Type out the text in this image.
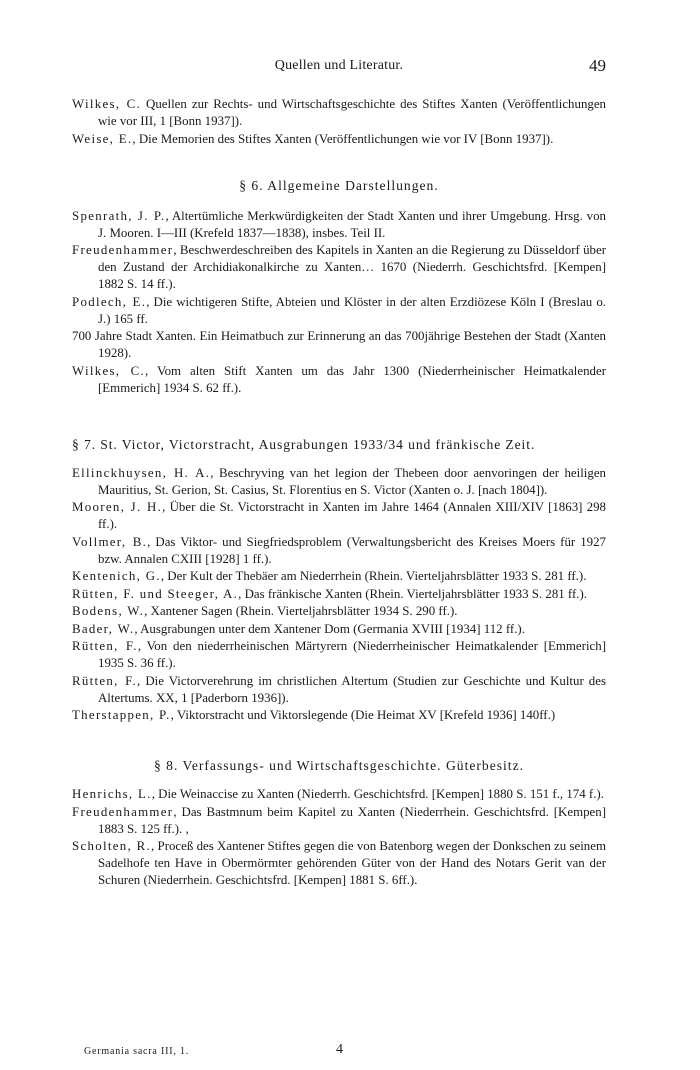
Quellen und Literatur.	49

Wilkes, C. Quellen zur Rechts- und Wirtschaftsgeschichte des Stiftes Xanten (Veröffentlichungen wie vor III, 1 [Bonn 1937]).

Weise, E., Die Memorien des Stiftes Xanten (Veröffentlichungen wie vor IV [Bonn 1937]).

§ 6. Allgemeine Darstellungen.

Spenrath, J. P., Altertümliche Merkwürdigkeiten der Stadt Xanten und ihrer Umgebung. Hrsg. von J. Mooren. I—III (Krefeld 1837—1838), insbes. Teil II.

Freudenhammer, Beschwerdeschreiben des Kapitels in Xanten an die Regierung zu Düsseldorf über den Zustand der Archidiakonalkirche zu Xanten… 1670 (Niederrh. Geschichtsfrd. [Kempen] 1882 S. 14 ff.).

Podlech, E., Die wichtigeren Stifte, Abteien und Klöster in der alten Erzdiözese Köln I (Breslau o. J.) 165 ff.

700 Jahre Stadt Xanten. Ein Heimatbuch zur Erinnerung an das 700jährige Bestehen der Stadt (Xanten 1928).

Wilkes, C., Vom alten Stift Xanten um das Jahr 1300 (Niederrheinischer Heimatkalender [Emmerich] 1934 S. 62 ff.).

§ 7. St. Victor, Victorstracht, Ausgrabungen 1933/34 und fränkische Zeit.

Ellinckhuysen, H. A., Beschryving van het legion der Thebeen door aenvoringen der heiligen Mauritius, St. Gerion, St. Casius, St. Florentius en S. Victor (Xanten o. J. [nach 1804]).

Mooren, J. H., Über die St. Victorstracht in Xanten im Jahre 1464 (Annalen XIII/XIV [1863] 298 ff.).

Vollmer, B., Das Viktor- und Siegfriedsproblem (Verwaltungsbericht des Kreises Moers für 1927 bzw. Annalen CXIII [1928] 1 ff.).

Kentenich, G., Der Kult der Thebäer am Niederrhein (Rhein. Vierteljahrsblätter 1933 S. 281 ff.).

Rütten, F. und Steeger, A., Das fränkische Xanten (Rhein. Vierteljahrsblätter 1933 S. 281 ff.).

Bodens, W., Xantener Sagen (Rhein. Vierteljahrsblätter 1934 S. 290 ff.).

Bader, W., Ausgrabungen unter dem Xantener Dom (Germania XVIII [1934] 112 ff.).

Rütten, F., Von den niederrheinischen Märtyrern (Niederrheinischer Heimatkalender [Emmerich] 1935 S. 36 ff.).

Rütten, F., Die Victorverehrung im christlichen Altertum (Studien zur Geschichte und Kultur des Altertums. XX, 1 [Paderborn 1936]).

Therstappen, P., Viktorstracht und Viktorslegende (Die Heimat XV [Krefeld 1936] 140ff.)

§ 8. Verfassungs- und Wirtschaftsgeschichte. Güterbesitz.

Henrichs, L., Die Weinaccise zu Xanten (Niederrh. Geschichtsfrd. [Kempen] 1880 S. 151 f., 174 f.).

Freudenhammer, Das Bastmnum beim Kapitel zu Xanten (Niederrhein. Geschichtsfrd. [Kempen] 1883 S. 125 ff.). ,

Scholten, R., Proceß des Xantener Stiftes gegen die von Batenborg wegen der Donkschen zu seinem Sadelhofe ten Have in Obermörmter gehörenden Güter von der Hand des Notars Gerit van der Schuren (Niederrhein. Geschichtsfrd. [Kempen] 1881 S. 6ff.).

Germania sacra III, 1.	4
